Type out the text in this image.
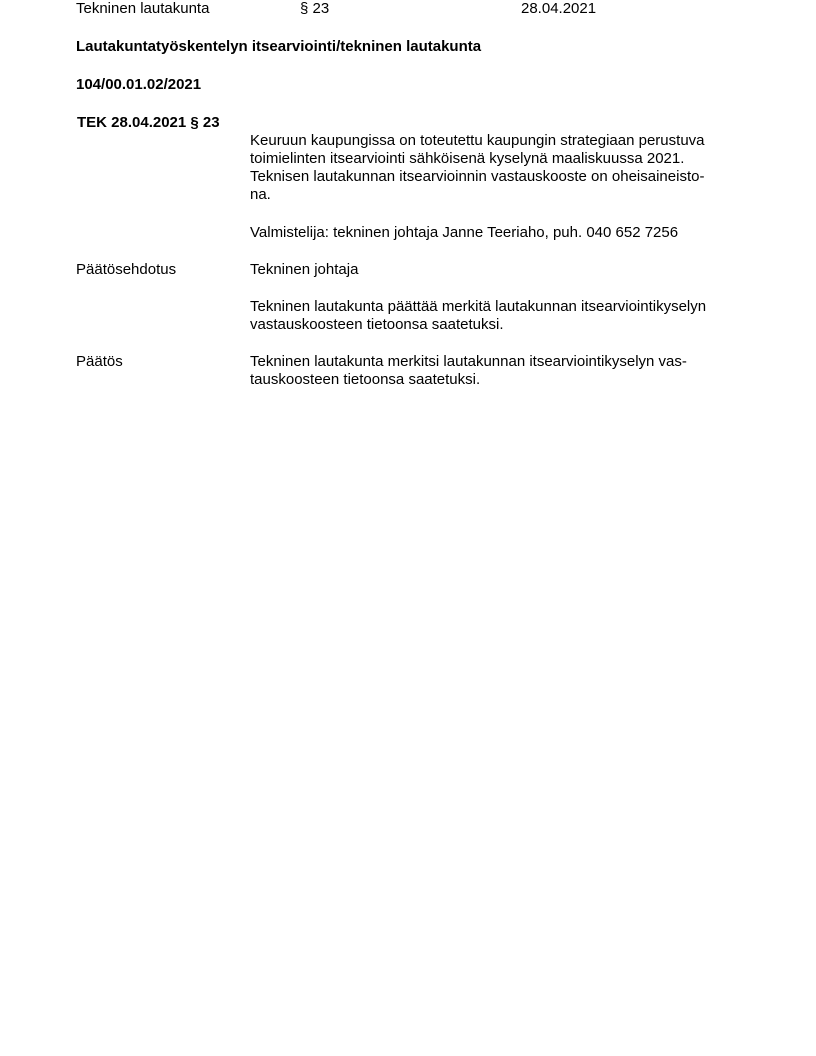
Tekninen lautakunta	§ 23	28.04.2021
Lautakuntatyöskentelyn itsearviointi/tekninen lautakunta
104/00.01.02/2021
TEK 28.04.2021 § 23
Keuruun kaupungissa on toteutettu kaupungin strategiaan perustuva
toimielinten itsearviointi sähköisenä kyselynä maaliskuussa 2021.
Teknisen lautakunnan itsearvioinnin vastauskooste on oheisaineisto-
na.
Valmistelija: tekninen johtaja Janne Teeriaho, puh. 040 652 7256
Päätösehdotus	Tekninen johtaja
Tekninen lautakunta päättää merkitä lautakunnan itsearviointikyselyn
vastauskoosteen tietoonsa saatetuksi.
Päätös	Tekninen lautakunta merkitsi lautakunnan itsearviointikyselyn vas-
tauskoosteen tietoonsa saatetuksi.
